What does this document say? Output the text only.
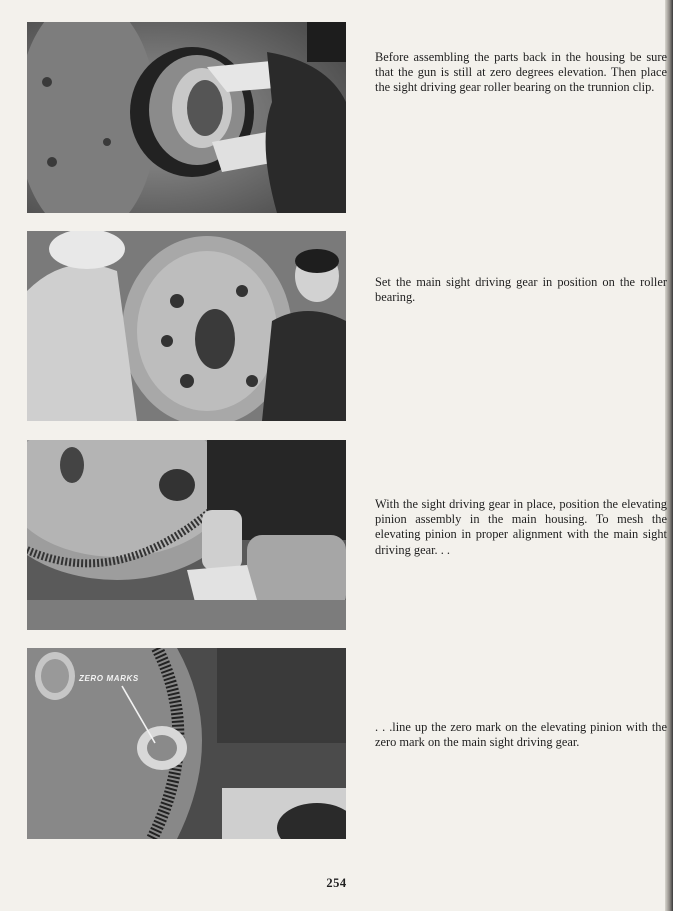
ZERO MARKS
Before assembling the parts back in the housing be sure that the gun is still at zero degrees elevation. Then place the sight driving gear roller bearing on the trunnion clip.
Set the main sight driving gear in position on the roller bearing.
With the sight driving gear in place, position the elevating pinion assembly in the main housing. To mesh the elevating pinion in proper alignment with the main sight driving gear. . .
. . .line up the zero mark on the elevating pinion with the zero mark on the main sight driving gear.
254
